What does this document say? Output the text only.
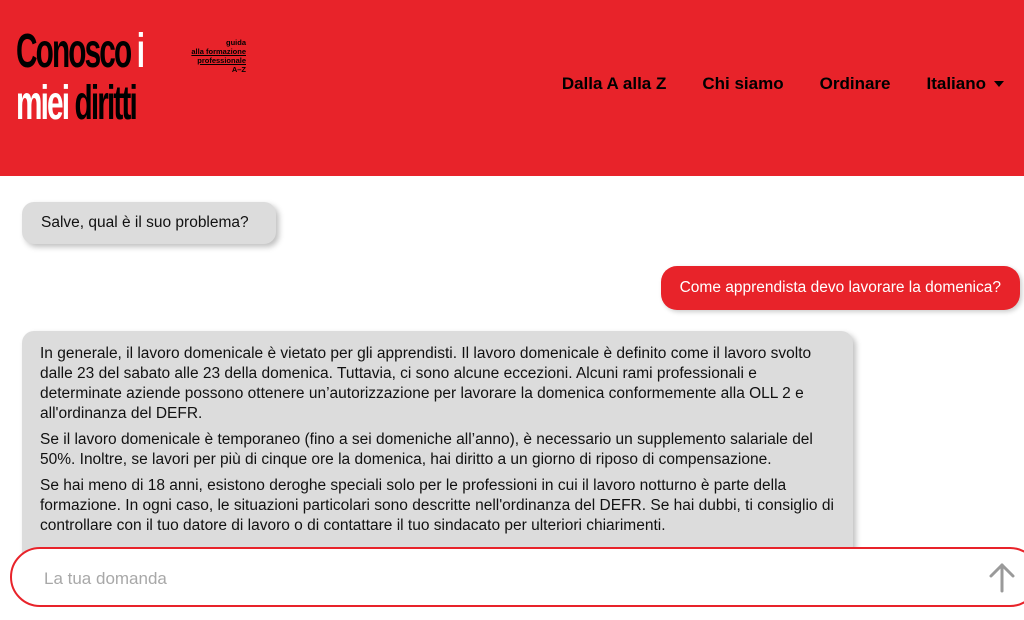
Conosco i
miei diritti
guida
alla formazione
professionale
A–Z
Dalla A alla Z Chi siamo Ordinare Italiano
Salve, qual è il suo problema?
Come apprendista devo lavorare la domenica?

In generale, il lavoro domenicale è vietato per gli apprendisti. Il lavoro domenicale è definito come il lavoro svolto dalle 23 del sabato alle 23 della domenica. Tuttavia, ci sono alcune eccezioni. Alcuni rami professionali e determinate aziende possono ottenere un’autorizzazione per lavorare la domenica conformemente alla OLL 2 e all'ordinanza del DEFR.

Se il lavoro domenicale è temporaneo (fino a sei domeniche all’anno), è necessario un supplemento salariale del 50%. Inoltre, se lavori per più di cinque ore la domenica, hai diritto a un giorno di riposo di compensazione.

Se hai meno di 18 anni, esistono deroghe speciali solo per le professioni in cui il lavoro notturno è parte della formazione. In ogni caso, le situazioni particolari sono descritte nell'ordinanza del DEFR. Se hai dubbi, ti consiglio di controllare con il tuo datore di lavoro o di contattare il tuo sindacato per ulteriori chiarimenti.

La tua domanda
